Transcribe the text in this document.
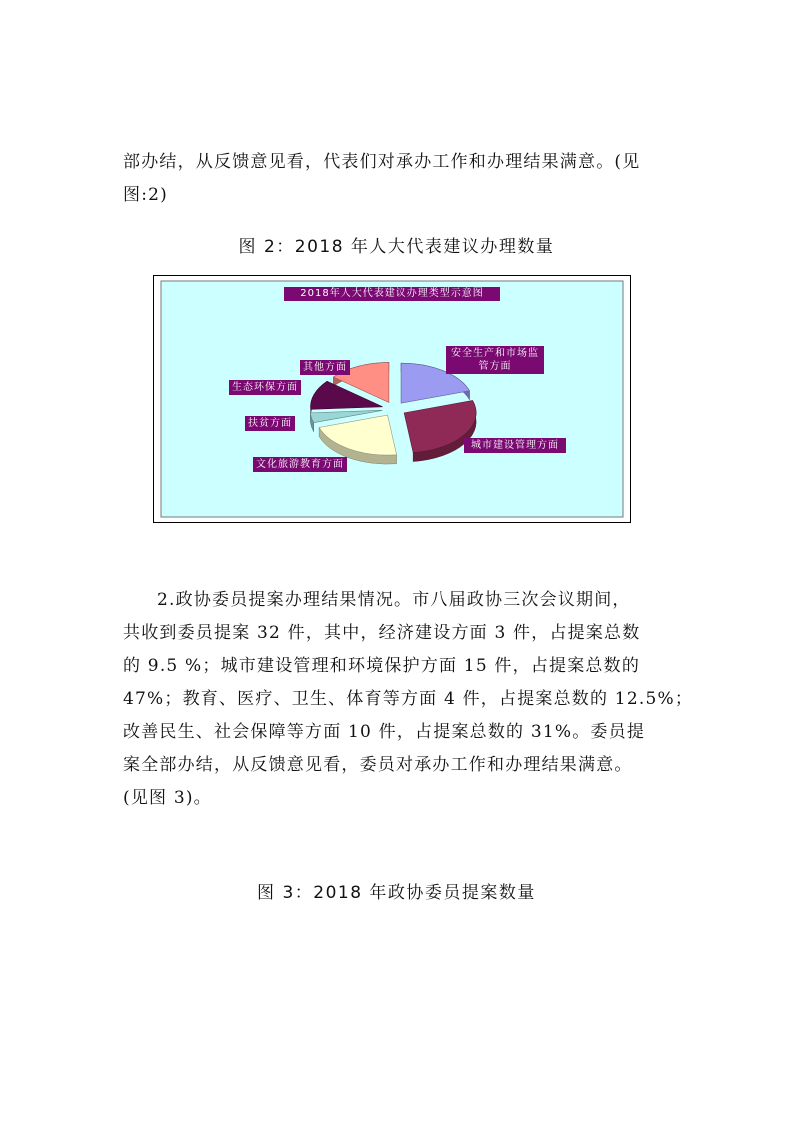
部办结，从反馈意见看，代表们对承办工作和办理结果满意。(见

图:2)

图 2：2018 年人大代表建议办理数量

2018年人大代表建议办理类型示意图
安全生产和市场监管方面
城市建设管理方面
文化旅游教育方面
扶贫方面
生态环保方面
其他方面

2.政协委员提案办理结果情况。市八届政协三次会议期间，

共收到委员提案 32 件，其中，经济建设方面 3 件，占提案总数

的 9.5 %；城市建设管理和环境保护方面 15 件，占提案总数的

47%；教育、医疗、卫生、体育等方面 4 件，占提案总数的 12.5%；

改善民生、社会保障等方面 10 件，占提案总数的 31%。委员提

案全部办结，从反馈意见看，委员对承办工作和办理结果满意。

(见图 3)。

图 3：2018 年政协委员提案数量
